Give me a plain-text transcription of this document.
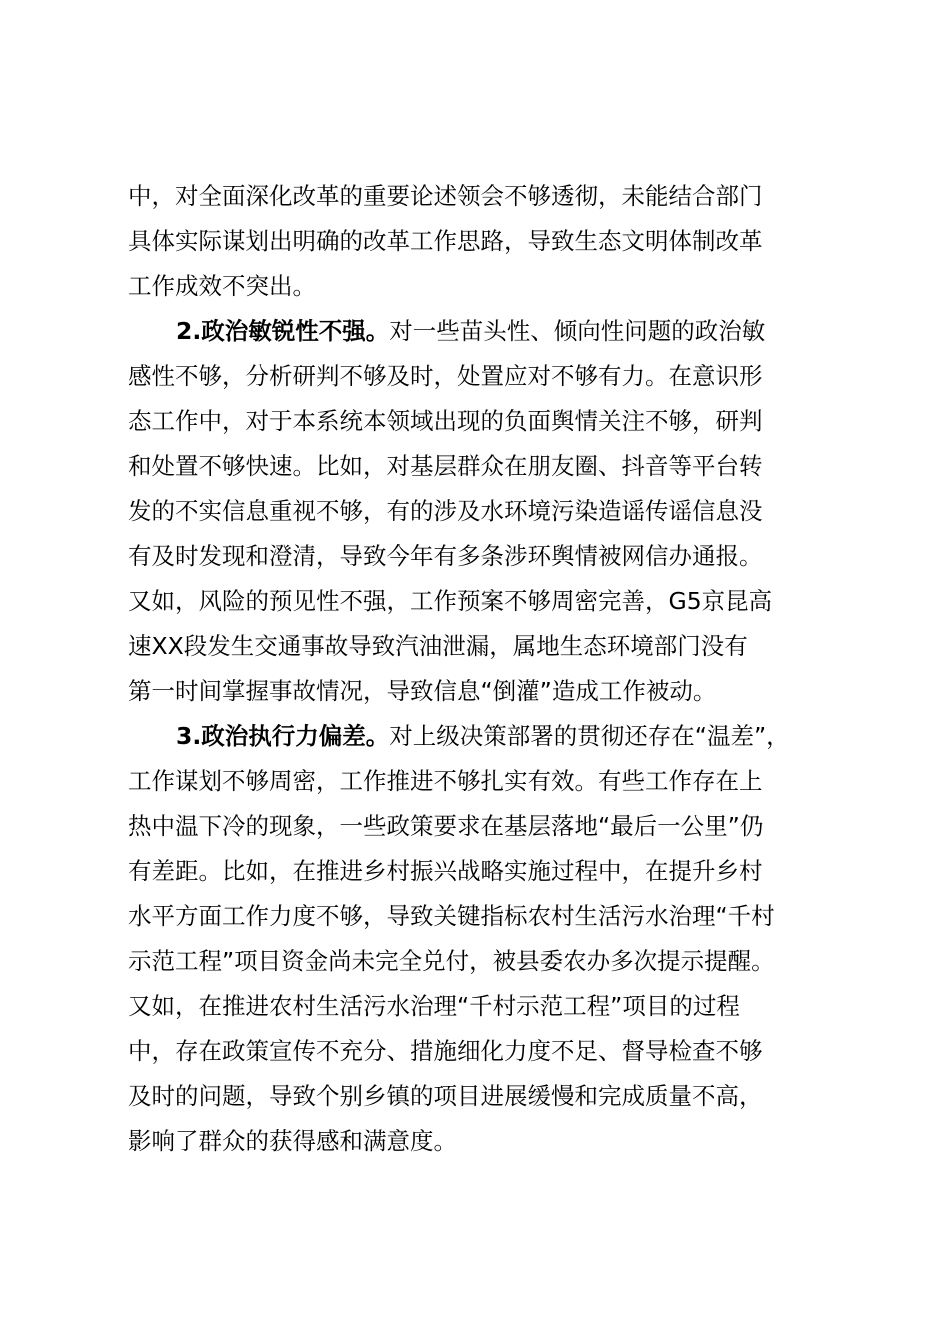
中，对全面深化改革的重要论述领会不够透彻，未能结合部门
具体实际谋划出明确的改革工作思路，导致生态文明体制改革
工作成效不突出。
2.政治敏锐性不强。对一些苗头性、倾向性问题的政治敏
感性不够，分析研判不够及时，处置应对不够有力。在意识形
态工作中，对于本系统本领域出现的负面舆情关注不够，研判
和处置不够快速。比如，对基层群众在朋友圈、抖音等平台转
发的不实信息重视不够，有的涉及水环境污染造谣传谣信息没
有及时发现和澄清，导致今年有多条涉环舆情被网信办通报。
又如，风险的预见性不强，工作预案不够周密完善，G5京昆高
速XX段发生交通事故导致汽油泄漏，属地生态环境部门没有
第一时间掌握事故情况，导致信息“倒灌”造成工作被动。
3.政治执行力偏差。对上级决策部署的贯彻还存在“温差”，
工作谋划不够周密，工作推进不够扎实有效。有些工作存在上
热中温下冷的现象，一些政策要求在基层落地“最后一公里”仍
有差距。比如，在推进乡村振兴战略实施过程中，在提升乡村
水平方面工作力度不够，导致关键指标农村生活污水治理“千村
示范工程”项目资金尚未完全兑付，被县委农办多次提示提醒。
又如，在推进农村生活污水治理“千村示范工程”项目的过程
中，存在政策宣传不充分、措施细化力度不足、督导检查不够
及时的问题，导致个别乡镇的项目进展缓慢和完成质量不高，
影响了群众的获得感和满意度。
